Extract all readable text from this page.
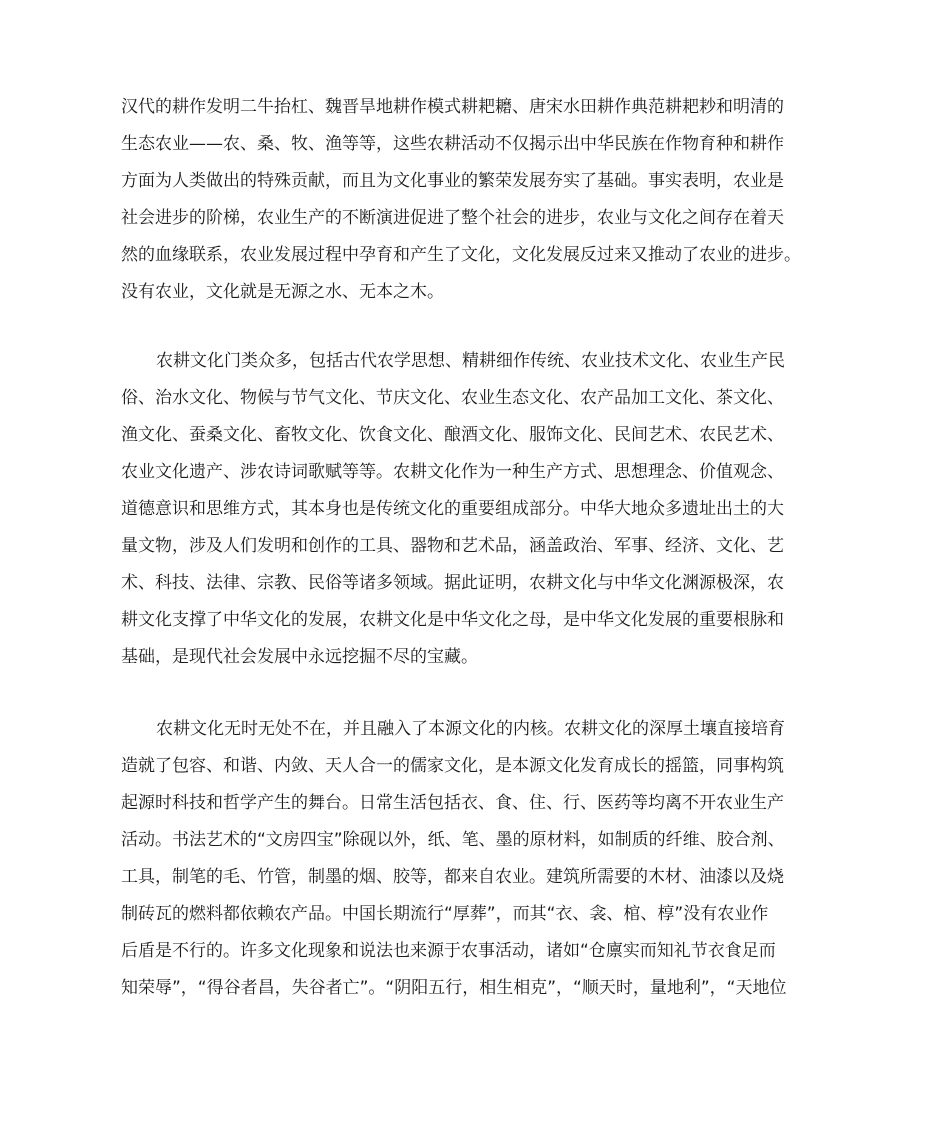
汉代的耕作发明二牛抬杠、魏晋旱地耕作模式耕耙耱、唐宋水田耕作典范耕耙耖和明清的

生态农业——农、桑、牧、渔等等，这些农耕活动不仅揭示出中华民族在作物育种和耕作

方面为人类做出的特殊贡献，而且为文化事业的繁荣发展夯实了基础。事实表明，农业是

社会进步的阶梯，农业生产的不断演进促进了整个社会的进步，农业与文化之间存在着天

然的血缘联系，农业发展过程中孕育和产生了文化，文化发展反过来又推动了农业的进步。

没有农业，文化就是无源之水、无本之木。

农耕文化门类众多，包括古代农学思想、精耕细作传统、农业技术文化、农业生产民

俗、治水文化、物候与节气文化、节庆文化、农业生态文化、农产品加工文化、茶文化、

渔文化、蚕桑文化、畜牧文化、饮食文化、酿酒文化、服饰文化、民间艺术、农民艺术、

农业文化遗产、涉农诗词歌赋等等。农耕文化作为一种生产方式、思想理念、价值观念、

道德意识和思维方式，其本身也是传统文化的重要组成部分。中华大地众多遗址出土的大

量文物，涉及人们发明和创作的工具、器物和艺术品，涵盖政治、军事、经济、文化、艺

术、科技、法律、宗教、民俗等诸多领域。据此证明，农耕文化与中华文化渊源极深，农

耕文化支撑了中华文化的发展，农耕文化是中华文化之母，是中华文化发展的重要根脉和

基础，是现代社会发展中永远挖掘不尽的宝藏。

农耕文化无时无处不在，并且融入了本源文化的内核。农耕文化的深厚土壤直接培育

造就了包容、和谐、内敛、天人合一的儒家文化，是本源文化发育成长的摇篮，同事构筑

起源时科技和哲学产生的舞台。日常生活包括衣、食、住、行、医药等均离不开农业生产

活动。书法艺术的“文房四宝”除砚以外，纸、笔、墨的原材料，如制质的纤维、胶合剂、

工具，制笔的毛、竹管，制墨的烟、胶等，都来自农业。建筑所需要的木材、油漆以及烧

制砖瓦的燃料都依赖农产品。中国长期流行“厚葬”，而其“衣、衾、棺、椁”没有农业作

后盾是不行的。许多文化现象和说法也来源于农事活动，诸如“仓廪实而知礼节衣食足而

知荣辱”，“得谷者昌，失谷者亡”。“阴阳五行，相生相克”，“顺天时，量地利”，“天地位
